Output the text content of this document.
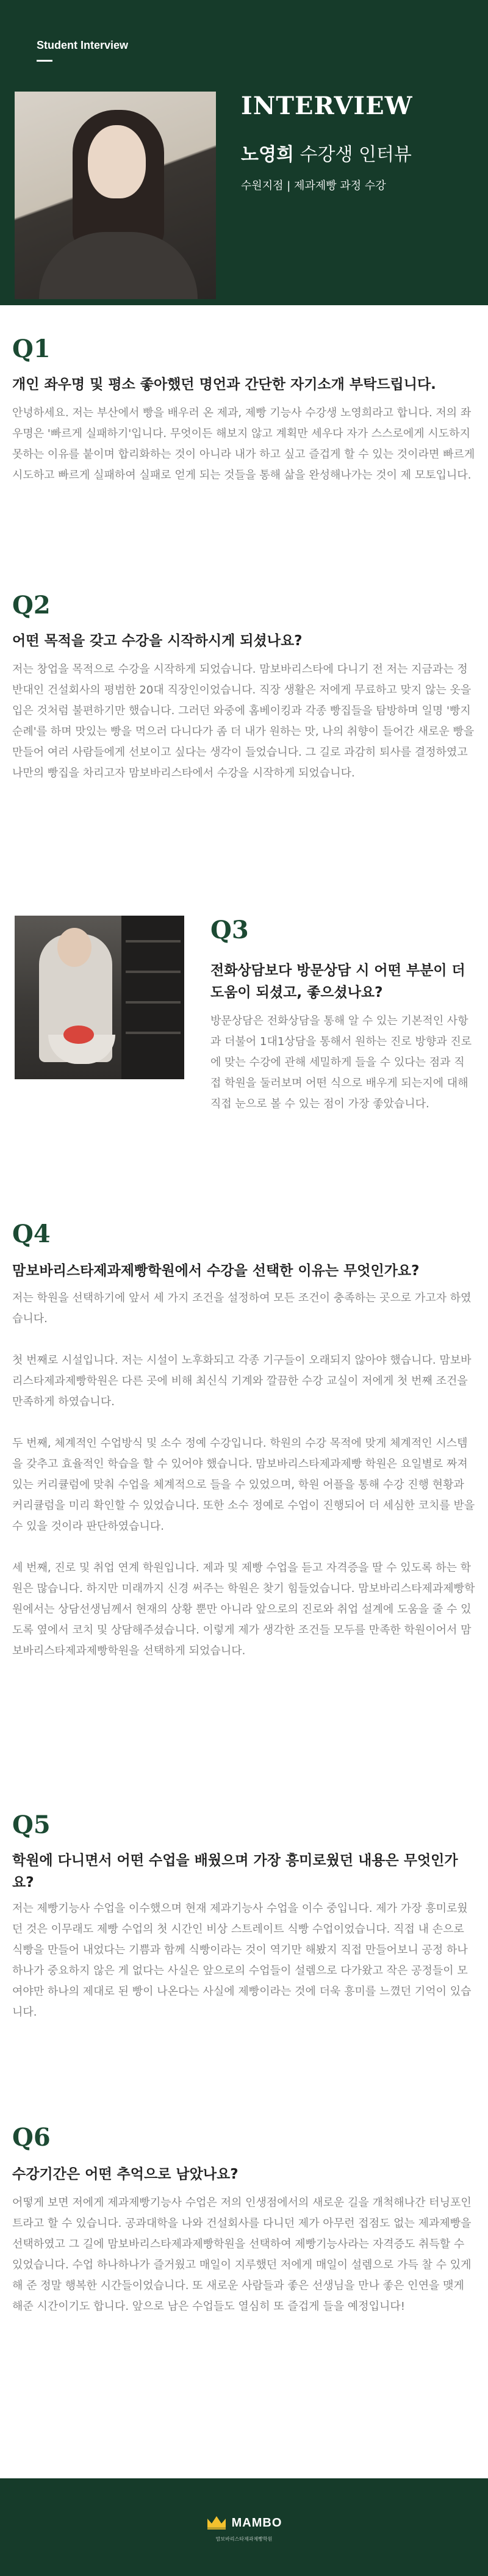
Student Interview
INTERVIEW
노영희 수강생 인터뷰
수원지점 | 제과제빵 과정 수강
Q1
개인 좌우명 및 평소 좋아했던 명언과 간단한 자기소개 부탁드립니다.

안녕하세요. 저는 부산에서 빵을 배우러 온 제과, 제빵 기능사 수강생 노영희라고 합니다. 저의 좌우명은 '빠르게 실패하기'입니다. 무엇이든 해보지 않고 계획만 세우다 자가 스스로에게 시도하지 못하는 이유를 붙이며 합리화하는 것이 아니라 내가 하고 싶고 즐겁게 할 수 있는 것이라면 빠르게 시도하고 빠르게 실패하여 실패로 얻게 되는 것들을 통해 삶을 완성해나가는 것이 제 모토입니다.

Q2
어떤 목적을 갖고 수강을 시작하시게 되셨나요?

저는 창업을 목적으로 수강을 시작하게 되었습니다. 맘보바리스타에 다니기 전 저는 지금과는 정반대인 건설회사의 평범한 20대 직장인이었습니다. 직장 생활은 저에게 무료하고 맞지 않는 옷을 입은 것처럼 불편하기만 했습니다. 그러던 와중에 홈베이킹과 각종 빵집들을 탐방하며 일명 '빵지순례'를 하며 맛있는 빵을 먹으러 다니다가 좀 더 내가 원하는 맛, 나의 취향이 들어간 새로운 빵을 만들어 여러 사람들에게 선보이고 싶다는 생각이 들었습니다. 그 길로 과감히 퇴사를 결정하였고 나만의 빵집을 차리고자 맘보바리스타에서 수강을 시작하게 되었습니다.

Q3
전화상담보다 방문상담 시 어떤 부분이 더 도움이 되셨고, 좋으셨나요?

방문상담은 전화상담을 통해 알 수 있는 기본적인 사항과 더불어 1대1상담을 통해서 원하는 진로 방향과 진로에 맞는 수강에 관해 세밀하게 들을 수 있다는 점과 직접 학원을 둘러보며 어떤 식으로 배우게 되는지에 대해 직접 눈으로 볼 수 있는 점이 가장 좋았습니다.

Q4
맘보바리스타제과제빵학원에서 수강을 선택한 이유는 무엇인가요?

저는 학원을 선택하기에 앞서 세 가지 조건을 설정하여 모든 조건이 충족하는 곳으로 가고자 하였습니다.

첫 번째로 시설입니다. 저는 시설이 노후화되고 각종 기구들이 오래되지 않아야 했습니다. 맘보바리스타제과제빵학원은 다른 곳에 비해 최신식 기계와 깔끔한 수강 교실이 저에게 첫 번째 조건을 만족하게 하였습니다.

두 번째, 체계적인 수업방식 및 소수 정예 수강입니다. 학원의 수강 목적에 맞게 체계적인 시스템을 갖추고 효율적인 학습을 할 수 있어야 했습니다. 맘보바리스타제과제빵 학원은 요일별로 짜져있는 커리큘럼에 맞춰 수업을 체계적으로 들을 수 있었으며, 학원 어플을 통해 수강 진행 현황과 커리큘럼을 미리 확인할 수 있었습니다. 또한 소수 정예로 수업이 진행되어 더 세심한 코치를 받을 수 있을 것이라 판단하였습니다.

세 번째, 진로 및 취업 연계 학원입니다. 제과 및 제빵 수업을 듣고 자격증을 딸 수 있도록 하는 학원은 많습니다. 하지만 미래까지 신경 써주는 학원은 찾기 힘들었습니다. 맘보바리스타제과제빵학원에서는 상담선생님께서 현재의 상황 뿐만 아니라 앞으로의 진로와 취업 설계에 도움을 줄 수 있도록 옆에서 코치 및 상담해주셨습니다. 이렇게 제가 생각한 조건들 모두를 만족한 학원이어서 맘보바리스타제과제빵학원을 선택하게 되었습니다.

Q5
학원에 다니면서 어떤 수업을 배웠으며 가장 흥미로웠던 내용은 무엇인가요?

저는 제빵기능사 수업을 이수했으며 현재 제과기능사 수업을 이수 중입니다. 제가 가장 흥미로웠던 것은 이무래도 제빵 수업의 첫 시간인 비상 스트레이트 식빵 수업이었습니다. 직접 내 손으로 식빵을 만들어 내었다는 기쁨과 함께 식빵이라는 것이 역기만 해봤지 직접 만들어보니 공정 하나하나가 중요하지 않은 게 없다는 사실은 앞으로의 수업들이 설렘으로 다가왔고 작은 공정들이 모여야만 하나의 제대로 된 빵이 나온다는 사실에 제빵이라는 것에 더욱 흥미를 느꼈던 기억이 있습니다.

Q6
수강기간은 어떤 추억으로 남았나요?

어떻게 보면 저에게 제과제빵기능사 수업은 저의 인생점에서의 새로운 길을 개척해나간 터닝포인트라고 할 수 있습니다. 공과대학을 나와 건설회사를 다니던 제가 아무런 접점도 없는 제과제빵을 선택하였고 그 길에 맘보바리스타제과제빵학원을 선택하여 제빵기능사라는 자격증도 취득할 수 있었습니다. 수업 하나하나가 즐거웠고 매일이 지루했던 저에게 매일이 설렘으로 가득 찰 수 있게 해 준 정말 행복한 시간들이었습니다. 또 새로운 사람들과 좋은 선생님을 만나 좋은 인연을 맺게 해준 시간이기도 합니다. 앞으로 남은 수업들도 열심히 또 즐겁게 들을 예정입니다!

MAMBO
맘보바리스타제과제빵학원
